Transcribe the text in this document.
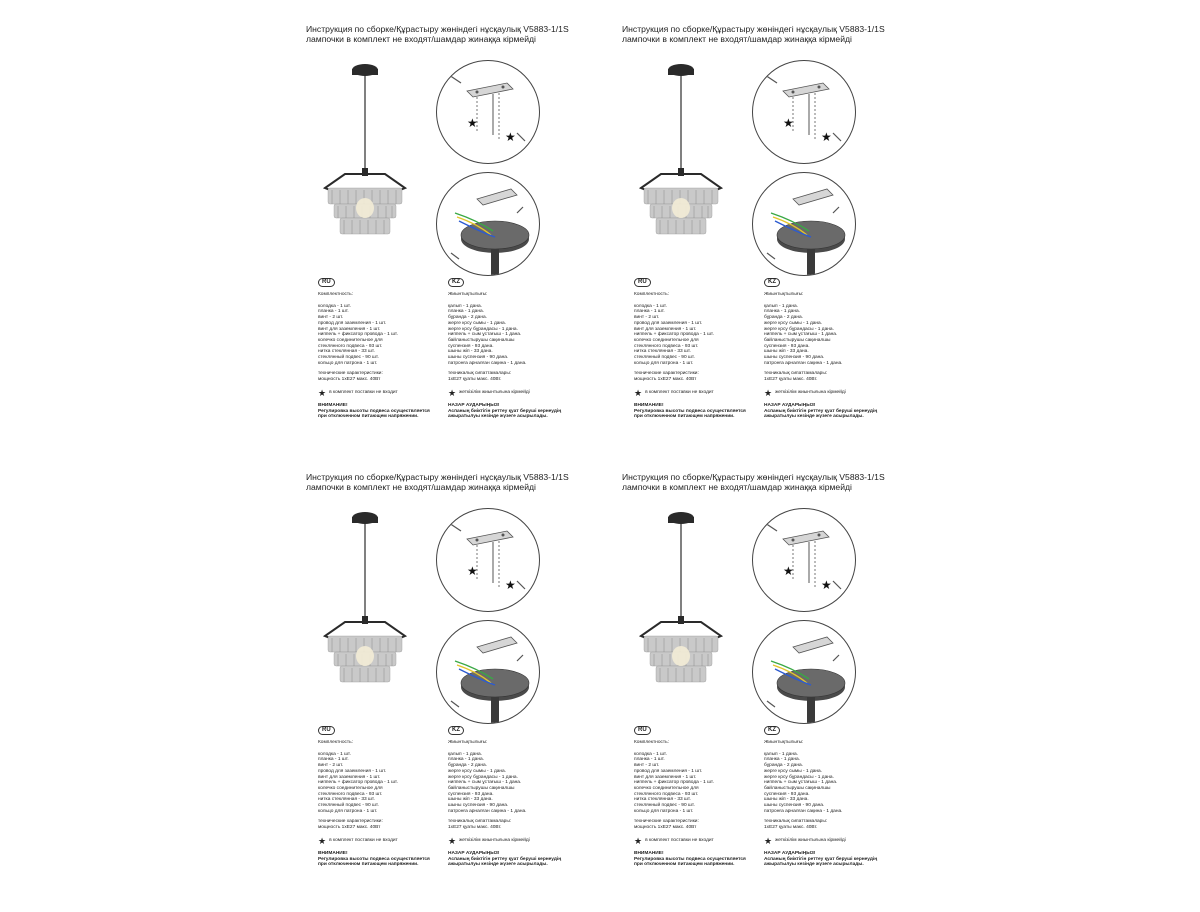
Инструкция по сборке/Құрастыру жөніндегі нұсқаулық V5883-1/1S
лампочки в комплект не входят/шамдар жинаққа кірмейді
★
★
RU
Комплектность:
колодка - 1 шт.
планка - 1 шт.
винт - 2 шт.
провод для заземления - 1 шт.
винт для заземления - 1 шт.
ниппель + фиксатор провода - 1 шт.
колечко соединительное для
стеклянного подвеса - 93 шт.
нитка стеклянная - 33 шт.
стеклянный подвес - 90 шт.
кольцо для патрона - 1 шт.
технические характеристики:
мощность 1хЕ27 макс. 40Вт
★ в комплект поставки не входит
ВНИМАНИЕ!
Регулировка высоты подвеса осуществляется
при отключенном питающем напряжении.
KZ
Жиынтықтылығы:
қалып - 1 дана.
планка - 1 дана.
бұранда - 2 дана.
жерге қосу сымы - 1 дана.
жерге қосу бұрандасы - 1 дана.
ниппель + сым ұстағыш - 1 дана.
байланыстырушы сақиналшы
суспензия - 93 дана.
шыны жіп - 33 дана.
шыны суспензия - 90 дана.
патронға арналған сақина - 1 дана.
техникалық сипаттамалары:
1хЕ27 қуаты макс. 40Вт.
★ жеткізілім жиынтығына кірмейді
НАЗАР АУДАРЫҢЫЗ!
Аспаның биіктігін реттеу қуат беруші кернеудің
ажыратылуы кезінде жүзеге асырылады.
Инструкция по сборке/Құрастыру жөніндегі нұсқаулық V5883-1/1S
лампочки в комплект не входят/шамдар жинаққа кірмейді
★
★
RU
Комплектность:
колодка - 1 шт.
планка - 1 шт.
винт - 2 шт.
провод для заземления - 1 шт.
винт для заземления - 1 шт.
ниппель + фиксатор провода - 1 шт.
колечко соединительное для
стеклянного подвеса - 93 шт.
нитка стеклянная - 33 шт.
стеклянный подвес - 90 шт.
кольцо для патрона - 1 шт.
технические характеристики:
мощность 1хЕ27 макс. 40Вт
★ в комплект поставки не входит
ВНИМАНИЕ!
Регулировка высоты подвеса осуществляется
при отключенном питающем напряжении.
KZ
Жиынтықтылығы:
қалып - 1 дана.
планка - 1 дана.
бұранда - 2 дана.
жерге қосу сымы - 1 дана.
жерге қосу бұрандасы - 1 дана.
ниппель + сым ұстағыш - 1 дана.
байланыстырушы сақиналшы
суспензия - 93 дана.
шыны жіп - 33 дана.
шыны суспензия - 90 дана.
патронға арналған сақина - 1 дана.
техникалық сипаттамалары:
1хЕ27 қуаты макс. 40Вт.
★ жеткізілім жиынтығына кірмейді
НАЗАР АУДАРЫҢЫЗ!
Аспаның биіктігін реттеу қуат беруші кернеудің
ажыратылуы кезінде жүзеге асырылады.
Инструкция по сборке/Құрастыру жөніндегі нұсқаулық V5883-1/1S
лампочки в комплект не входят/шамдар жинаққа кірмейді
★
★
RU
Комплектность:
колодка - 1 шт.
планка - 1 шт.
винт - 2 шт.
провод для заземления - 1 шт.
винт для заземления - 1 шт.
ниппель + фиксатор провода - 1 шт.
колечко соединительное для
стеклянного подвеса - 93 шт.
нитка стеклянная - 33 шт.
стеклянный подвес - 90 шт.
кольцо для патрона - 1 шт.
технические характеристики:
мощность 1хЕ27 макс. 40Вт
★ в комплект поставки не входит
ВНИМАНИЕ!
Регулировка высоты подвеса осуществляется
при отключенном питающем напряжении.
KZ
Жиынтықтылығы:
қалып - 1 дана.
планка - 1 дана.
бұранда - 2 дана.
жерге қосу сымы - 1 дана.
жерге қосу бұрандасы - 1 дана.
ниппель + сым ұстағыш - 1 дана.
байланыстырушы сақиналшы
суспензия - 93 дана.
шыны жіп - 33 дана.
шыны суспензия - 90 дана.
патронға арналған сақина - 1 дана.
техникалық сипаттамалары:
1хЕ27 қуаты макс. 40Вт.
★ жеткізілім жиынтығына кірмейді
НАЗАР АУДАРЫҢЫЗ!
Аспаның биіктігін реттеу қуат беруші кернеудің
ажыратылуы кезінде жүзеге асырылады.
Инструкция по сборке/Құрастыру жөніндегі нұсқаулық V5883-1/1S
лампочки в комплект не входят/шамдар жинаққа кірмейді
★
★
RU
Комплектность:
колодка - 1 шт.
планка - 1 шт.
винт - 2 шт.
провод для заземления - 1 шт.
винт для заземления - 1 шт.
ниппель + фиксатор провода - 1 шт.
колечко соединительное для
стеклянного подвеса - 93 шт.
нитка стеклянная - 33 шт.
стеклянный подвес - 90 шт.
кольцо для патрона - 1 шт.
технические характеристики:
мощность 1хЕ27 макс. 40Вт
★ в комплект поставки не входит
ВНИМАНИЕ!
Регулировка высоты подвеса осуществляется
при отключенном питающем напряжении.
KZ
Жиынтықтылығы:
қалып - 1 дана.
планка - 1 дана.
бұранда - 2 дана.
жерге қосу сымы - 1 дана.
жерге қосу бұрандасы - 1 дана.
ниппель + сым ұстағыш - 1 дана.
байланыстырушы сақиналшы
суспензия - 93 дана.
шыны жіп - 33 дана.
шыны суспензия - 90 дана.
патронға арналған сақина - 1 дана.
техникалық сипаттамалары:
1хЕ27 қуаты макс. 40Вт.
★ жеткізілім жиынтығына кірмейді
НАЗАР АУДАРЫҢЫЗ!
Аспаның биіктігін реттеу қуат беруші кернеудің
ажыратылуы кезінде жүзеге асырылады.
